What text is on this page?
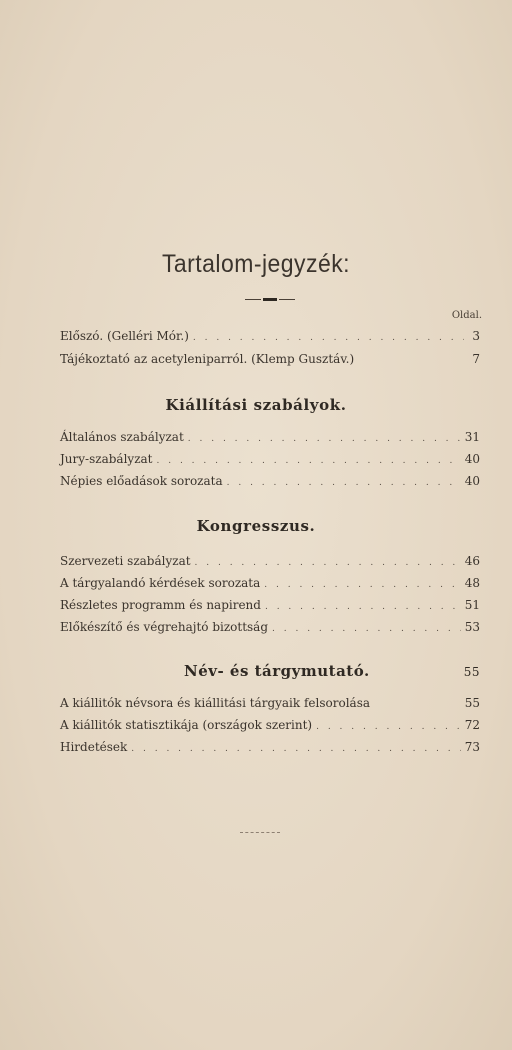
Tartalom-jegyzék:
Oldal.
Előszó. (Gelléri Mór.) . . .	3
Tájékoztató az acetyleniparról. (Klemp Gusztáv.)	7
Kiállítási szabályok.
Általános szabályzat . . .	31
Jury-szabályzat . . .	40
Népies előadások sorozata . . .	40
Kongresszus.
Szervezeti szabályzat . . .	46
A tárgyalandó kérdések sorozata . . .	48
Részletes programm és napirend . . .	51
Előkészítő és végrehajtó bizottság . . .	53
Név- és tárgymutató.	55
A kiállitók névsora és kiállitási tárgyaik felsorolása	55
A kiállitók statisztikája (országok szerint) . . .	72
Hirdetések . . .	73
